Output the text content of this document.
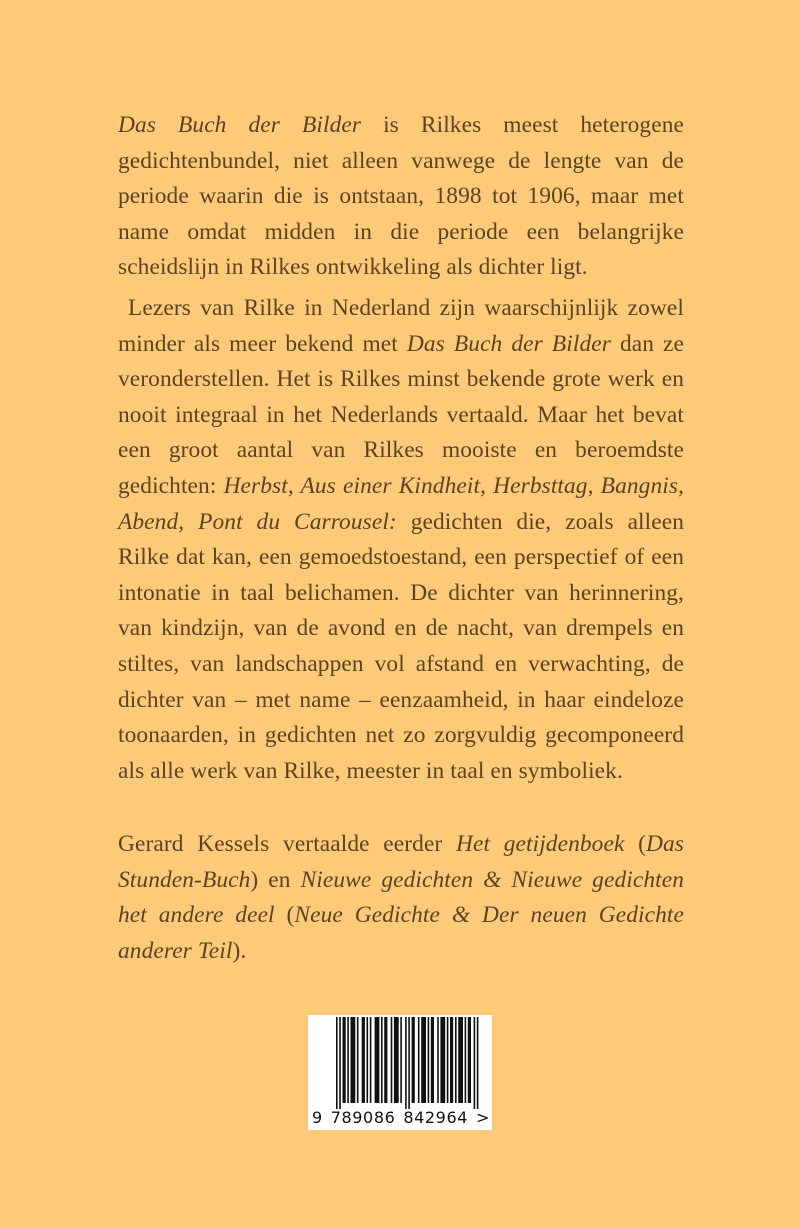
Das Buch der Bilder is Rilkes meest heterogene gedichtenbundel, niet alleen vanwege de lengte van de periode waarin die is ontstaan, 1898 tot 1906, maar met name omdat midden in die periode een belangrijke scheidslijn in Rilkes ontwikkeling als dichter ligt.

Lezers van Rilke in Nederland zijn waarschijnlijk zowel minder als meer bekend met Das Buch der Bilder dan ze veronderstellen. Het is Rilkes minst bekende grote werk en nooit integraal in het Nederlands vertaald. Maar het bevat een groot aantal van Rilkes mooiste en beroemdste gedichten: Herbst, Aus einer Kindheit, Herbsttag, Bangnis, Abend, Pont du Carrousel: gedichten die, zoals alleen Rilke dat kan, een gemoedstoestand, een perspectief of een intonatie in taal belichamen. De dichter van herinnering, van kindzijn, van de avond en de nacht, van drempels en stiltes, van landschappen vol afstand en verwachting, de dichter van – met name – eenzaamheid, in haar eindeloze toonaarden, in gedichten net zo zorgvuldig gecomponeerd als alle werk van Rilke, meester in taal en symboliek.

Gerard Kessels vertaalde eerder Het getijdenboek (Das Stunden-Buch) en Nieuwe gedichten & Nieuwe gedichten het andere deel (Neue Gedichte & Der neuen Gedichte anderer Teil).

9 789086 842964 >
